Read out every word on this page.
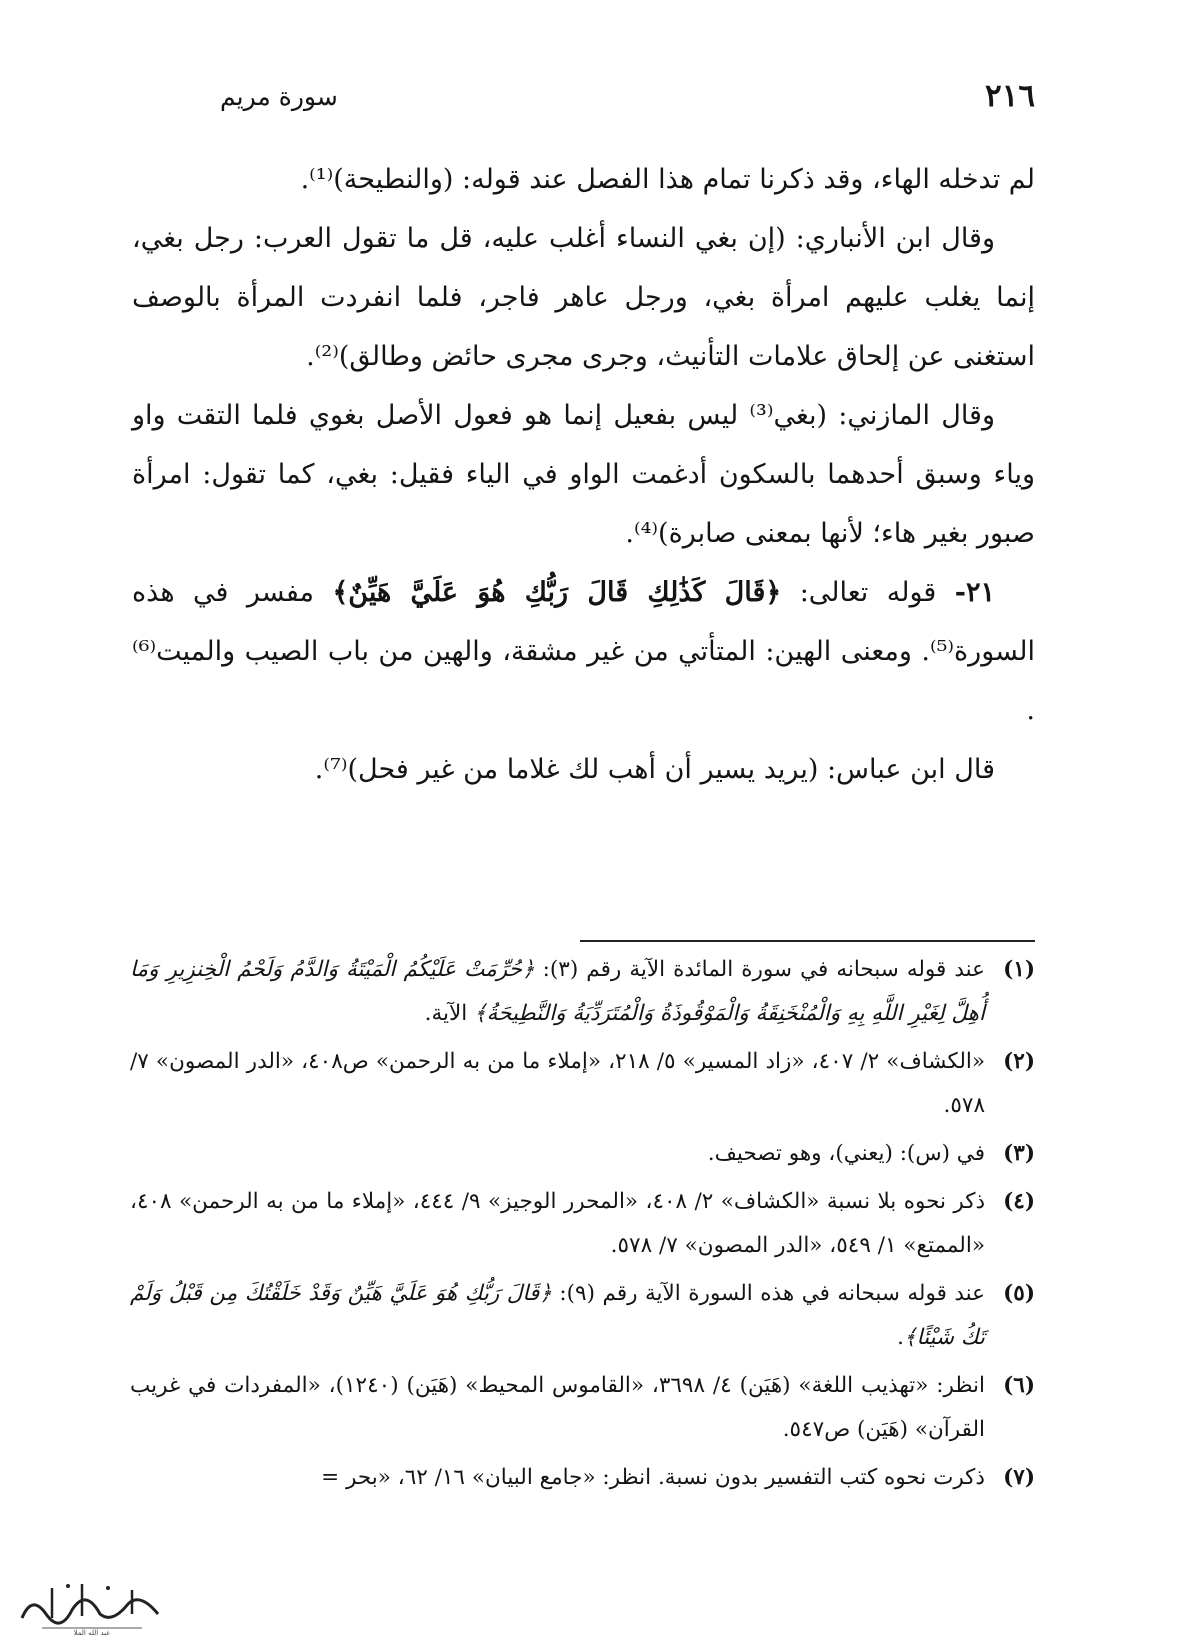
٢١٦
سورة مريم

لم تدخله الهاء، وقد ذكرنا تمام هذا الفصل عند قوله: (والنطيحة)⁽¹⁾.

وقال ابن الأنباري: (إن بغي النساء أغلب عليه، قل ما تقول العرب: رجل بغي، إنما يغلب عليهم امرأة بغي، ورجل عاهر فاجر، فلما انفردت المرأة بالوصف استغنى عن إلحاق علامات التأنيث، وجرى مجرى حائض وطالق)⁽²⁾.

وقال المازني: (بغي⁽³⁾ ليس بفعيل إنما هو فعول الأصل بغوي فلما التقت واو وياء وسبق أحدهما بالسكون أدغمت الواو في الياء فقيل: بغي، كما تقول: امرأة صبور بغير هاء؛ لأنها بمعنى صابرة)⁽⁴⁾.

٢١- قوله تعالى: ﴿قَالَ كَذَٰلِكِ قَالَ رَبُّكِ هُوَ عَلَيَّ هَيِّنٌ﴾ مفسر في هذه السورة⁽⁵⁾. ومعنى الهين: المتأتي من غير مشقة، والهين من باب الصيب والميت⁽⁶⁾ .

قال ابن عباس: (يريد يسير أن أهب لك غلاما من غير فحل)⁽⁷⁾.

(١)
عند قوله سبحانه في سورة المائدة الآية رقم (٣): ﴿حُرِّمَتْ عَلَيْكُمُ الْمَيْتَةُ وَالدَّمُ وَلَحْمُ الْخِنزِيرِ وَمَا أُهِلَّ لِغَيْرِ اللَّهِ بِهِ وَالْمُنْخَنِقَةُ وَالْمَوْقُوذَةُ وَالْمُتَرَدِّيَةُ وَالنَّطِيحَةُ﴾ الآية.
(٢)
«الكشاف» ٢/ ٤٠٧، «زاد المسير» ٥/ ٢١٨، «إملاء ما من به الرحمن» ص٤٠٨، «الدر المصون» ٧/ ٥٧٨.
(٣)
في (س): (يعني)، وهو تصحيف.
(٤)
ذكر نحوه بلا نسبة «الكشاف» ٢/ ٤٠٨، «المحرر الوجيز» ٩/ ٤٤٤، «إملاء ما من به الرحمن» ٤٠٨، «الممتع» ١/ ٥٤٩، «الدر المصون» ٧/ ٥٧٨.
(٥)
عند قوله سبحانه في هذه السورة الآية رقم (٩): ﴿قَالَ رَبُّكِ هُوَ عَلَيَّ هَيِّنٌ وَقَدْ خَلَقْتُكَ مِن قَبْلُ وَلَمْ تَكُ شَيْئًا﴾.
(٦)
انظر: «تهذيب اللغة» (هَيَن) ٤/ ٣٦٩٨، «القاموس المحيط» (هَيَن) (١٢٤٠)، «المفردات في غريب القرآن» (هَيَن) ص٥٤٧.
(٧)
ذكرت نحوه كتب التفسير بدون نسبة. انظر: «جامع البيان» ١٦/ ٦٢، «بحر =
عبد الله الملا
المستهد
